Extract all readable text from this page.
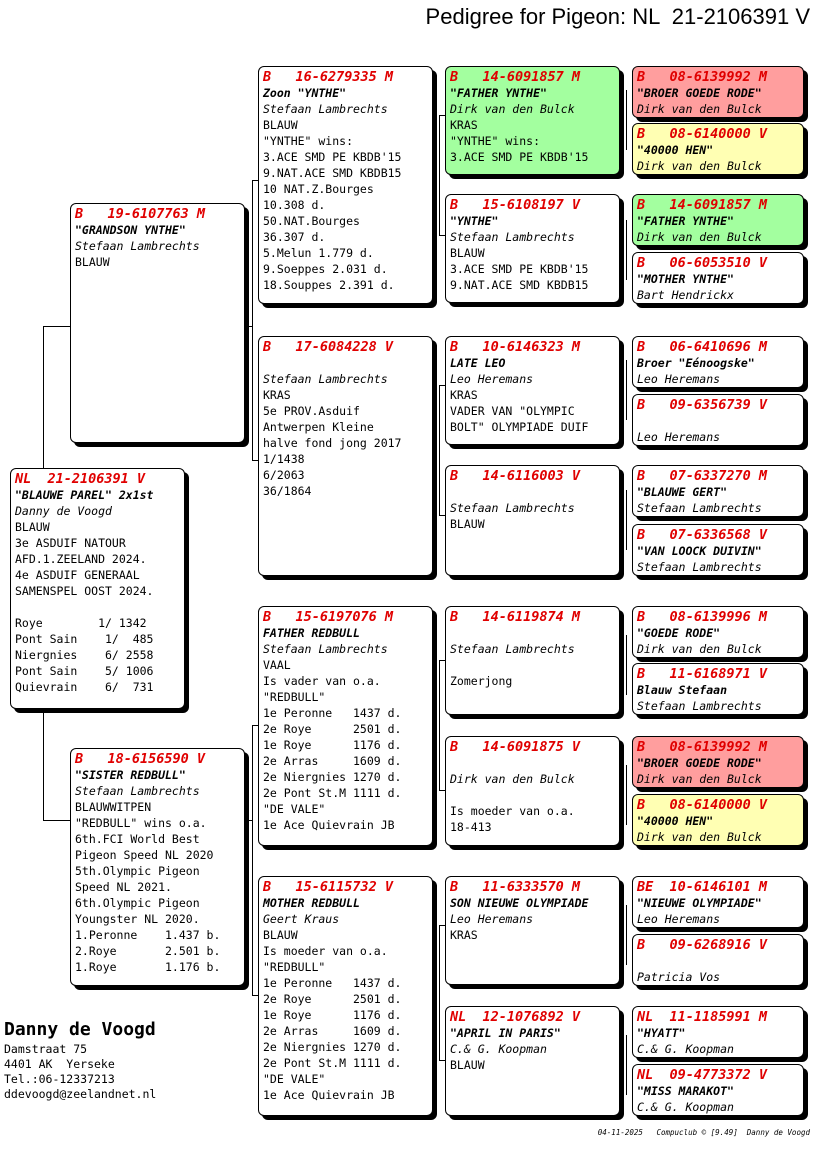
Pedigree for Pigeon: NL  21-2106391 V
NL  21-2106391 V
"BLAUWE PAREL" 2x1st
Danny de Voogd
BLAUW
3e ASDUIF NATOUR
AFD.1.ZEELAND 2024.
4e ASDUIF GENERAAL
SAMENSPEL OOST 2024.
Roye        1/ 1342
Pont Sain    1/  485
Niergnies    6/ 2558
Pont Sain    5/ 1006
Quievrain    6/  731
B   19-6107763 M
"GRANDSON YNTHE"
Stefaan Lambrechts
BLAUW
B   18-6156590 V
"SISTER REDBULL"
Stefaan Lambrechts
BLAUWWITPEN
"REDBULL" wins o.a.
6th.FCI World Best
Pigeon Speed NL 2020
5th.Olympic Pigeon
Speed NL 2021.
6th.Olympic Pigeon
Youngster NL 2020.
1.Peronne    1.437 b.
2.Roye       2.501 b.
1.Roye       1.176 b.
B   16-6279335 M
Zoon "YNTHE"
Stefaan Lambrechts
BLAUW
"YNTHE" wins:
3.ACE SMD PE KBDB'15
9.NAT.ACE SMD KBDB15
10 NAT.Z.Bourges
10.308 d.
50.NAT.Bourges
36.307 d.
5.Melun 1.779 d.
9.Soeppes 2.031 d.
18.Souppes 2.391 d.
B   17-6084228 V
Stefaan Lambrechts
KRAS
5e PROV.Asduif
Antwerpen Kleine
halve fond jong 2017
1/1438
6/2063
36/1864
B   15-6197076 M
FATHER REDBULL
Stefaan Lambrechts
VAAL
Is vader van o.a.
"REDBULL"
1e Peronne   1437 d.
2e Roye      2501 d.
1e Roye      1176 d.
2e Arras     1609 d.
2e Niergnies 1270 d.
2e Pont St.M 1111 d.
"DE VALE"
1e Ace Quievrain JB
B   15-6115732 V
MOTHER REDBULL
Geert Kraus
BLAUW
Is moeder van o.a.
"REDBULL"
1e Peronne   1437 d.
2e Roye      2501 d.
1e Roye      1176 d.
2e Arras     1609 d.
2e Niergnies 1270 d.
2e Pont St.M 1111 d.
"DE VALE"
1e Ace Quievrain JB
B   14-6091857 M
"FATHER YNTHE"
Dirk van den Bulck
KRAS
"YNTHE" wins:
3.ACE SMD PE KBDB'15
B   15-6108197 V
"YNTHE"
Stefaan Lambrechts
BLAUW
3.ACE SMD PE KBDB'15
9.NAT.ACE SMD KBDB15
B   10-6146323 M
LATE LEO
Leo Heremans
KRAS
VADER VAN "OLYMPIC
BOLT" OLYMPIADE DUIF
B   14-6116003 V
Stefaan Lambrechts
BLAUW
B   14-6119874 M
Stefaan Lambrechts
Zomerjong
B   14-6091875 V
Dirk van den Bulck
Is moeder van o.a.
18-413
B   11-6333570 M
SON NIEUWE OLYMPIADE
Leo Heremans
KRAS
NL  12-1076892 V
"APRIL IN PARIS"
C.& G. Koopman
BLAUW
B   08-6139992 M
"BROER GOEDE RODE"
Dirk van den Bulck
B   08-6140000 V
"40000 HEN"
Dirk van den Bulck
B   14-6091857 M
"FATHER YNTHE"
Dirk van den Bulck
B   06-6053510 V
"MOTHER YNTHE"
Bart Hendrickx
B   06-6410696 M
Broer "Eénoogske"
Leo Heremans
B   09-6356739 V
Leo Heremans
B   07-6337270 M
"BLAUWE GERT"
Stefaan Lambrechts
B   07-6336568 V
"VAN LOOCK DUIVIN"
Stefaan Lambrechts
B   08-6139996 M
"GOEDE RODE"
Dirk van den Bulck
B   11-6168971 V
Blauw Stefaan
Stefaan Lambrechts
B   08-6139992 M
"BROER GOEDE RODE"
Dirk van den Bulck
B   08-6140000 V
"40000 HEN"
Dirk van den Bulck
BE  10-6146101 M
"NIEUWE OLYMPIADE"
Leo Heremans
B   09-6268916 V
Patricia Vos
NL  11-1185991 M
"HYATT"
C.& G. Koopman
NL  09-4773372 V
"MISS MARAKOT"
C.& G. Koopman
Danny de Voogd
Damstraat 75
4401 AK  Yerseke
Tel.:06-12337213
ddevoogd@zeelandnet.nl
04-11-2025   Compuclub © [9.49]  Danny de Voogd
